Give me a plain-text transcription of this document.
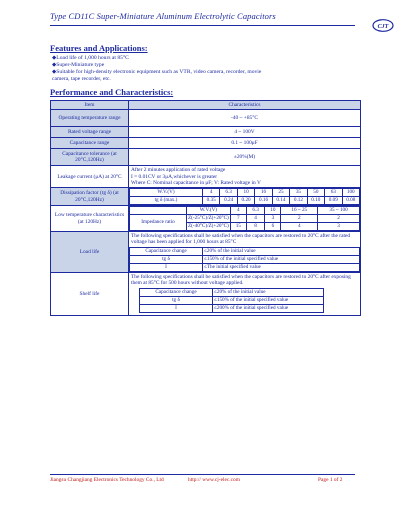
Type CD11C Super-Miniature Aluminum Electrolytic Capacitors
CJT
Features and Applications:
◆Load life of 1,000 hours at 85°C
◆Super-Miniature type
◆Suitable for high-density electronic equipment such as VTR, video camera, recorder, movie
camera, tape recorder, etc.
Performance and Characteristics:
Item	Characteristics
Operating temperature range	-40 ~ +85°C
Rated voltage range	4 ~ 100V
Capacitance range	0.1 ~ 100μF
Capacitance tolerance (at 20°C,120Hz)	±20%(M)
Leakage current (μA) at 20°C	
After 2 minutes application of rated voltage
I = 0.01CV or 3μA,whichever is greater
Where C: Nominal capacitance in μF; V: Rated voltage in V

Dissipation factor (tg δ) (at 20°C,120Hz)	
W.V.(V)	4	6.3	10	16	25	35	50	63	100
tg δ (max.)	0.35	0.24	0.20	0.16	0.14	0.12	0.10	0.09	0.08

Low temperature characteristics (at 120Hz)	
	W.V.(V)	4	6.3	10	16 ~ 25	35 ~ 100
Impedance ratio	Z(-25°C)/Z(+20°C)	7	4	3	2	2
Z(-40°C)/Z(+20°C)	15	8	6	4	3

Load life	
The following specifications shall be satisfied when the capacitors are restored to 20°C after the rated voltage has been applied for 1,000 hours at 85°C
Capacitance change	≤20% of the initial value
tg δ	≤150% of the initial specified value
I	≤The initial specified value

Shelf life	
The following specifications shall be satisfied when the capacitors are restored to 20°C after exposing them at 85°C for 500 hours without voltage applied.
Capacitance change	≤20% of the initial value
tg δ	≤150% of the initial specified value
I	≤200% of the initial specified value
Jiangsu Changjiang Electronics Technology Co., Ltd	http:// www.cj-elec.com	Page 1 of 2
